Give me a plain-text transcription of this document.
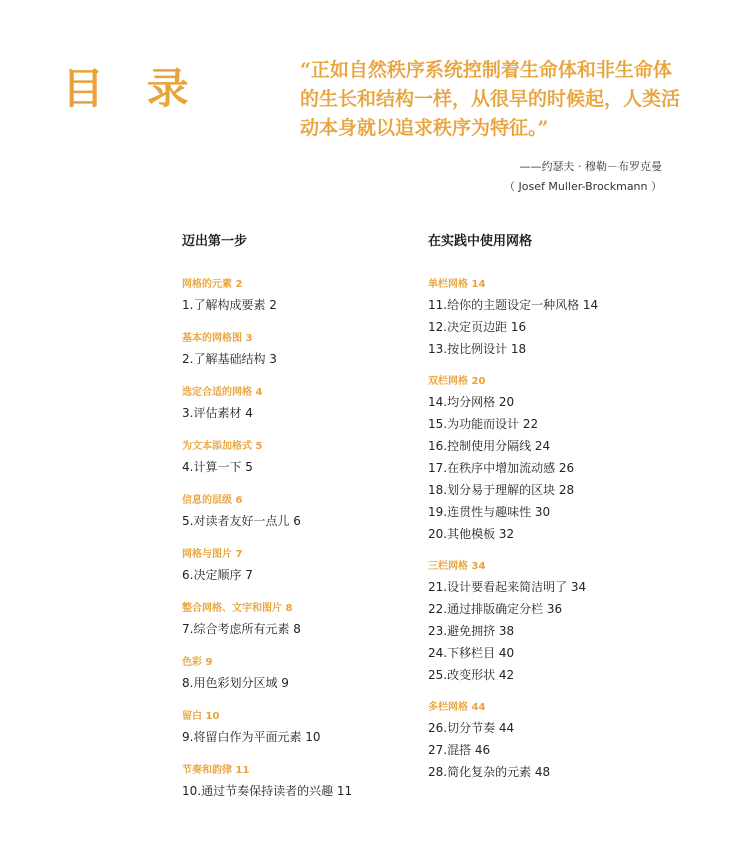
目 录	“正如自然秩序系统控制着生命体和非生命体
的生长和结构一样，从很早的时候起，人类活
动本身就以追求秩序为特征。”
——约瑟夫 · 穆勒－布罗克曼
（ Josef Muller-Brockmann ）
迈出第一步
网格的元素 2
1.了解构成要素 2
基本的网格图 3
2.了解基础结构 3
选定合适的网格 4
3.评估素材 4
为文本添加格式 5
4.计算一下 5
信息的层级 6
5.对读者友好一点儿 6
网格与图片 7
6.决定顺序 7
整合网格、文字和图片 8
7.综合考虑所有元素 8
色彩 9
8.用色彩划分区域 9
留白 10
9.将留白作为平面元素 10
节奏和韵律 11
10.通过节奏保持读者的兴趣 11
在实践中使用网格
单栏网格 14
11.给你的主题设定一种风格 14
12.决定页边距 16
13.按比例设计 18
双栏网格 20
14.均分网格 20
15.为功能而设计 22
16.控制使用分隔线 24
17.在秩序中增加流动感 26
18.划分易于理解的区块 28
19.连贯性与趣味性 30
20.其他模板 32
三栏网格 34
21.设计要看起来简洁明了 34
22.通过排版确定分栏 36
23.避免拥挤 38
24.下移栏目 40
25.改变形状 42
多栏网格 44
26.切分节奏 44
27.混搭 46
28.简化复杂的元素 48
